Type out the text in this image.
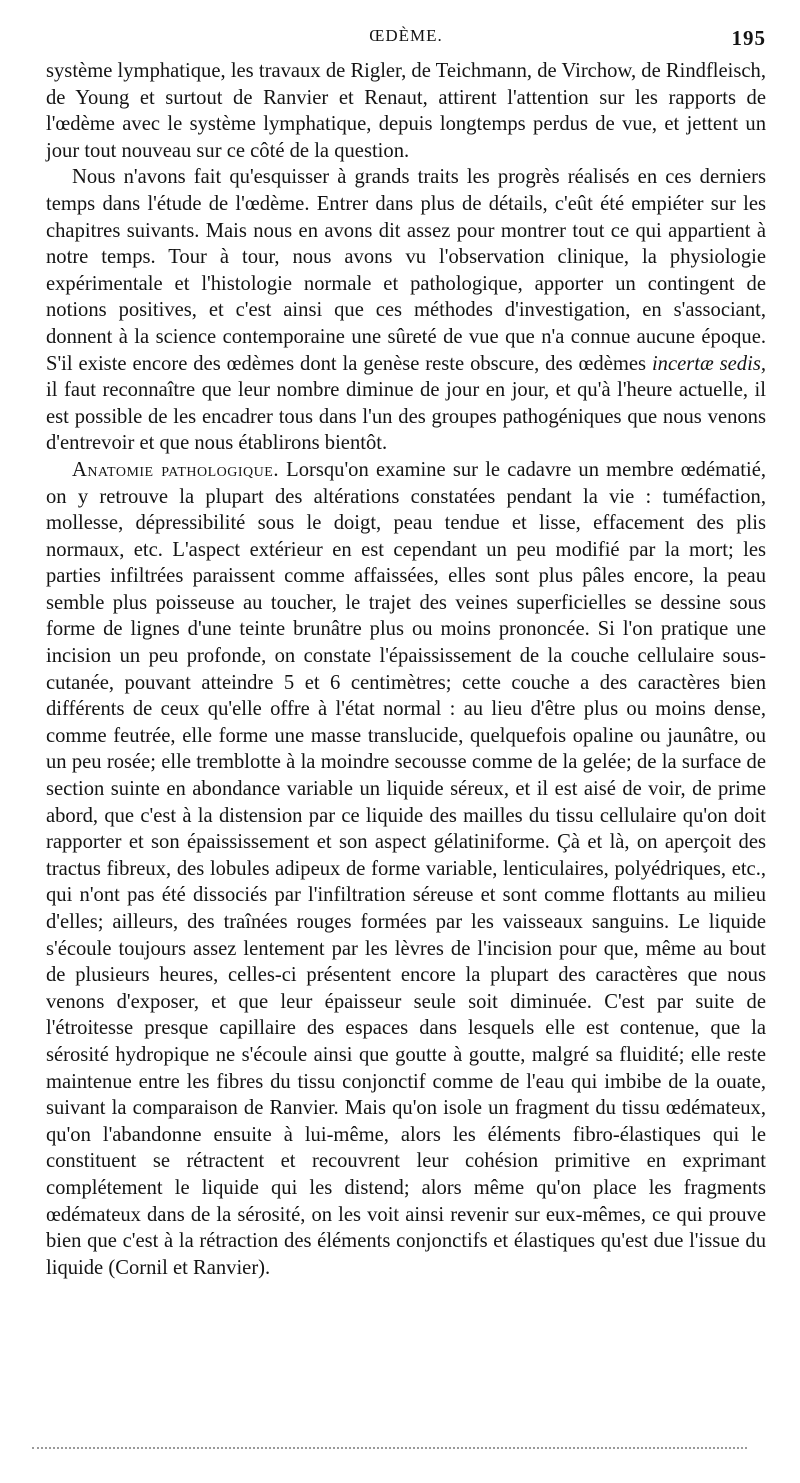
ŒDÈME.	195

système lymphatique, les travaux de Rigler, de Teichmann, de Virchow, de Rindfleisch, de Young et surtout de Ranvier et Renaut, attirent l'attention sur les rapports de l'œdème avec le système lymphatique, depuis longtemps perdus de vue, et jettent un jour tout nouveau sur ce côté de la question.

Nous n'avons fait qu'esquisser à grands traits les progrès réalisés en ces derniers temps dans l'étude de l'œdème. Entrer dans plus de détails, c'eût été empiéter sur les chapitres suivants. Mais nous en avons dit assez pour montrer tout ce qui appartient à notre temps. Tour à tour, nous avons vu l'observation clinique, la physiologie expérimentale et l'histologie normale et pathologique, apporter un contingent de notions positives, et c'est ainsi que ces méthodes d'investigation, en s'associant, donnent à la science contemporaine une sûreté de vue que n'a connue aucune époque. S'il existe encore des œdèmes dont la genèse reste obscure, des œdèmes incertæ sedis, il faut reconnaître que leur nombre diminue de jour en jour, et qu'à l'heure actuelle, il est possible de les encadrer tous dans l'un des groupes pathogéniques que nous venons d'entrevoir et que nous établirons bientôt.

Anatomie pathologique. Lorsqu'on examine sur le cadavre un membre œdématié, on y retrouve la plupart des altérations constatées pendant la vie : tuméfaction, mollesse, dépressibilité sous le doigt, peau tendue et lisse, effacement des plis normaux, etc. L'aspect extérieur en est cependant un peu modifié par la mort; les parties infiltrées paraissent comme affaissées, elles sont plus pâles encore, la peau semble plus poisseuse au toucher, le trajet des veines superficielles se dessine sous forme de lignes d'une teinte brunâtre plus ou moins prononcée. Si l'on pratique une incision un peu profonde, on constate l'épaississement de la couche cellulaire sous-cutanée, pouvant atteindre 5 et 6 centimètres; cette couche a des caractères bien différents de ceux qu'elle offre à l'état normal : au lieu d'être plus ou moins dense, comme feutrée, elle forme une masse translucide, quelquefois opaline ou jaunâtre, ou un peu rosée; elle tremblotte à la moindre secousse comme de la gelée; de la surface de section suinte en abondance variable un liquide séreux, et il est aisé de voir, de prime abord, que c'est à la distension par ce liquide des mailles du tissu cellulaire qu'on doit rapporter et son épaississement et son aspect gélatiniforme. Çà et là, on aperçoit des tractus fibreux, des lobules adipeux de forme variable, lenticulaires, polyédriques, etc., qui n'ont pas été dissociés par l'infiltration séreuse et sont comme flottants au milieu d'elles; ailleurs, des traînées rouges formées par les vaisseaux sanguins. Le liquide s'écoule toujours assez lentement par les lèvres de l'incision pour que, même au bout de plusieurs heures, celles-ci présentent encore la plupart des caractères que nous venons d'exposer, et que leur épaisseur seule soit diminuée. C'est par suite de l'étroitesse presque capillaire des espaces dans lesquels elle est contenue, que la sérosité hydropique ne s'écoule ainsi que goutte à goutte, malgré sa fluidité; elle reste maintenue entre les fibres du tissu conjonctif comme de l'eau qui imbibe de la ouate, suivant la comparaison de Ranvier. Mais qu'on isole un fragment du tissu œdémateux, qu'on l'abandonne ensuite à lui-même, alors les éléments fibro-élastiques qui le constituent se rétractent et recouvrent leur cohésion primitive en exprimant complétement le liquide qui les distend; alors même qu'on place les fragments œdémateux dans de la sérosité, on les voit ainsi revenir sur eux-mêmes, ce qui prouve bien que c'est à la rétraction des éléments conjonctifs et élastiques qu'est due l'issue du liquide (Cornil et Ranvier).
